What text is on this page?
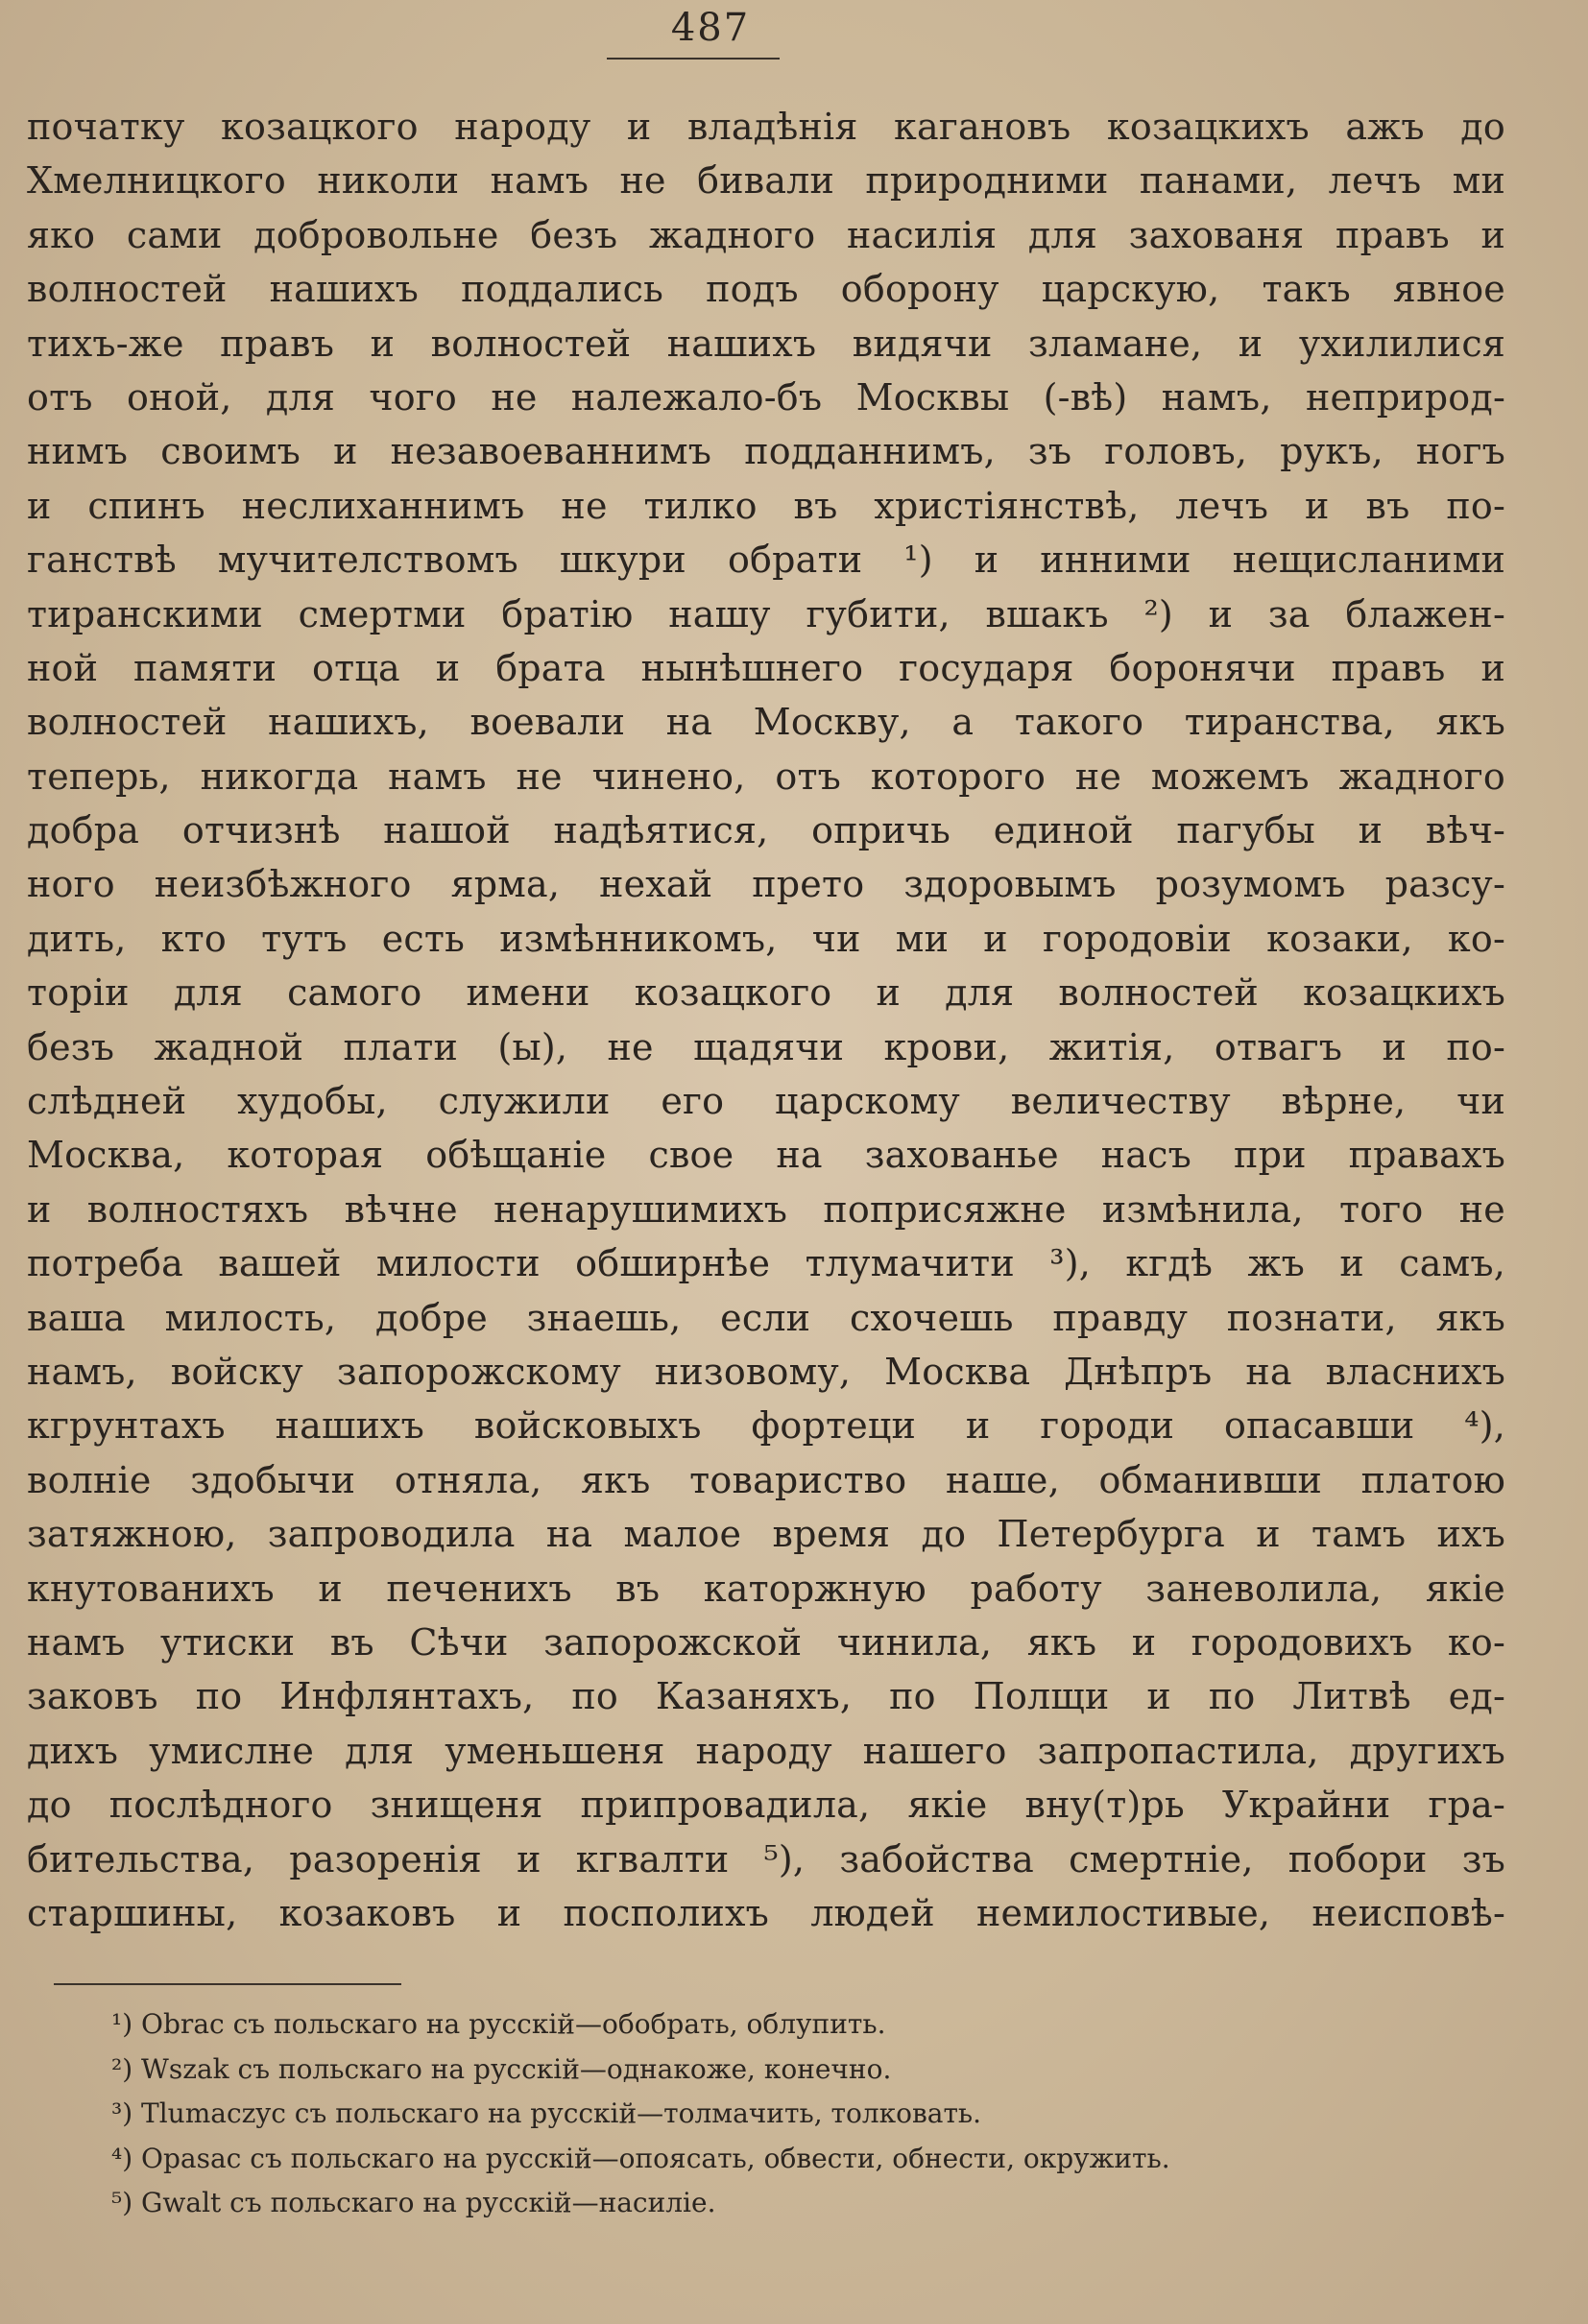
487
початку козацкого народу и владѣнія кагановъ козацкихъ ажъ до
Хмелницкого николи намъ не бивали природними панами, лечъ ми
яко сами добровольне безъ жадного насилія для захованя правъ и
волностей нашихъ поддались подъ оборону царскую, такъ явное
тихъ-же правъ и волностей нашихъ видячи зламане, и ухилилися
отъ оной, для чого не належало-бъ Москвы (-вѣ) намъ, неприрод-
нимъ своимъ и незавоеваннимъ подданнимъ, зъ головъ, рукъ, ногъ
и спинъ неслиханнимъ не тилко въ христіянствѣ, лечъ и въ по-
ганствѣ мучителствомъ шкури обрати ¹) и инними нещисланими
тиранскими смертми братію нашу губити, вшакъ ²) и за блажен-
ной памяти отца и брата нынѣшнего государя боронячи правъ и
волностей нашихъ, воевали на Москву, а такого тиранства, якъ
теперь, никогда намъ не чинено, отъ которого не можемъ жадного
добра отчизнѣ нашой надѣятися, опричь единой пагубы и вѣч-
ного неизбѣжного ярма, нехай прето здоровымъ розумомъ разсу-
дить, кто тутъ есть измѣнникомъ, чи ми и городовіи козаки, ко-
торіи для самого имени козацкого и для волностей козацкихъ
безъ жадной плати (ы), не щадячи крови, житія, отвагъ и по-
слѣдней худобы, служили его царскому величеству вѣрне, чи
Москва, которая обѣщаніе свое на захованье насъ при правахъ
и волностяхъ вѣчне ненарушимихъ поприсяжне измѣнила, того не
потреба вашей милости обширнѣе тлумачити ³), кгдѣ жъ и самъ,
ваша милость, добре знаешь, если схочешь правду познати, якъ
намъ, войску запорожскому низовому, Москва Днѣпръ на власнихъ
кгрунтахъ нашихъ войсковыхъ фортеци и городи опасавши ⁴),
волніе здобычи отняла, якъ товариство наше, обманивши платою
затяжною, запроводила на малое время до Петербурга и тамъ ихъ
кнутованихъ и печенихъ въ каторжную работу заневолила, якіе
намъ утиски въ Сѣчи запорожской чинила, якъ и городовихъ ко-
заковъ по Инфлянтахъ, по Казаняхъ, по Полщи и по Литвѣ ед-
дихъ умислне для уменьшеня народу нашего запропастила, другихъ
до послѣдного знищеня припровадила, якіе вну(т)рь Украйни гра-
бительства, разоренія и кгвалти ⁵), забойства смертніе, побори зъ
старшины, козаковъ и посполихъ людей немилостивые, неисповѣ-
¹) Obrac съ польскаго на русскій—обобрать, облупить.
²) Wszak съ польскаго на русскій—однакоже, конечно.
³) Tlumaczyc съ польскаго на русскій—толмачить, толковать.
⁴) Opasac съ польскаго на русскій—опоясать, обвести, обнести, окружить.
⁵) Gwalt съ польскаго на русскій—насиліе.
